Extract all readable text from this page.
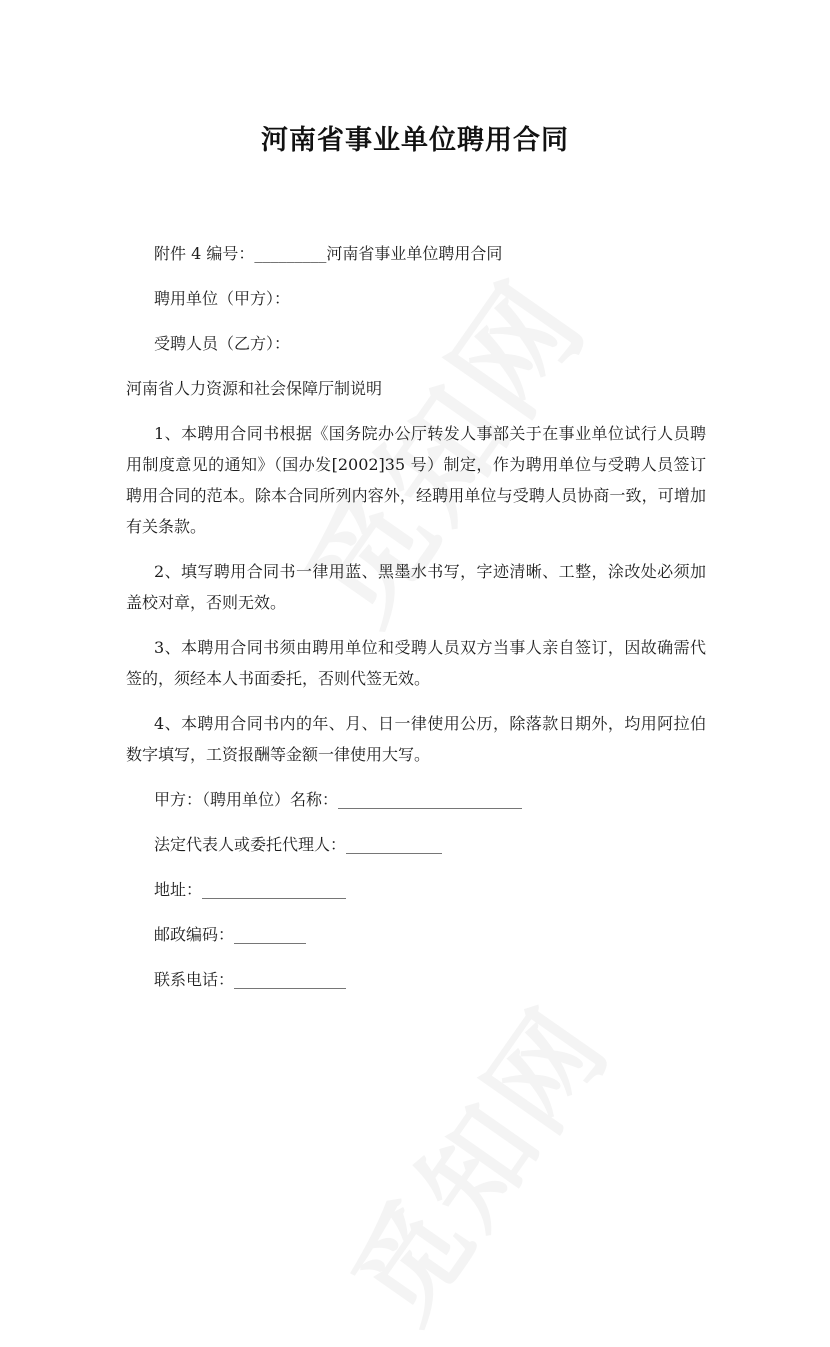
河南省事业单位聘用合同

附件 4 编号：_________河南省事业单位聘用合同

聘用单位（甲方）：

受聘人员（乙方）：

河南省人力资源和社会保障厅制说明

1、本聘用合同书根据《国务院办公厅转发人事部关于在事业单位试行人员聘用制度意见的通知》（国办发[2002]35 号）制定，作为聘用单位与受聘人员签订聘用合同的范本。除本合同所列内容外，经聘用单位与受聘人员协商一致，可增加有关条款。

2、填写聘用合同书一律用蓝、黑墨水书写，字迹清晰、工整，涂改处必须加盖校对章，否则无效。

3、本聘用合同书须由聘用单位和受聘人员双方当事人亲自签订，因故确需代签的，须经本人书面委托，否则代签无效。

4、本聘用合同书内的年、月、日一律使用公历，除落款日期外，均用阿拉伯数字填写，工资报酬等金额一律使用大写。

甲方：（聘用单位）名称：_______________________

法定代表人或委托代理人：____________

地址：__________________

邮政编码：_________

联系电话：______________
